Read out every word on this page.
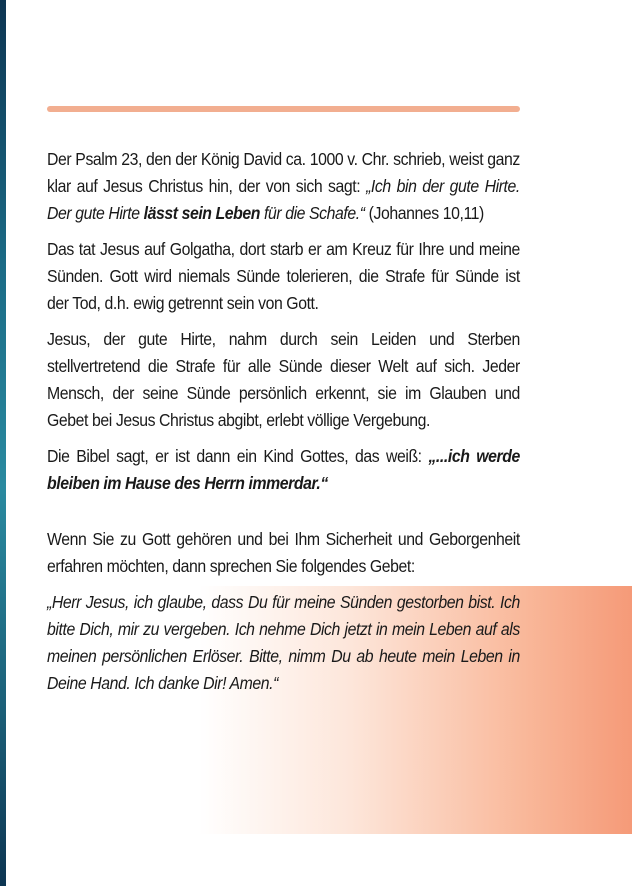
Der Psalm 23, den der König David ca. 1000 v. Chr. schrieb, weist ganz klar auf Jesus Christus hin, der von sich sagt: „Ich bin der gute Hirte. Der gute Hirte lässt sein Leben für die Schafe.“ (Johannes 10,11)

Das tat Jesus auf Golgatha, dort starb er am Kreuz für Ihre und meine Sünden. Gott wird niemals Sünde tolerieren, die Strafe für Sünde ist der Tod, d.h. ewig getrennt sein von Gott.

Jesus, der gute Hirte, nahm durch sein Leiden und Sterben stellvertretend die Strafe für alle Sünde dieser Welt auf sich. Jeder Mensch, der seine Sünde persönlich erkennt, sie im Glauben und Gebet bei Jesus Christus abgibt, erlebt völlige Vergebung.

Die Bibel sagt, er ist dann ein Kind Gottes, das weiß: „...ich werde bleiben im Hause des Herrn immerdar.“

Wenn Sie zu Gott gehören und bei Ihm Sicherheit und Geborgenheit erfahren möchten, dann sprechen Sie folgendes Gebet:

„Herr Jesus, ich glaube, dass Du für meine Sünden gestorben bist. Ich bitte Dich, mir zu vergeben. Ich nehme Dich jetzt in mein Leben auf als meinen persönlichen Erlöser. Bitte, nimm Du ab heute mein Leben in Deine Hand. Ich danke Dir! Amen.“
